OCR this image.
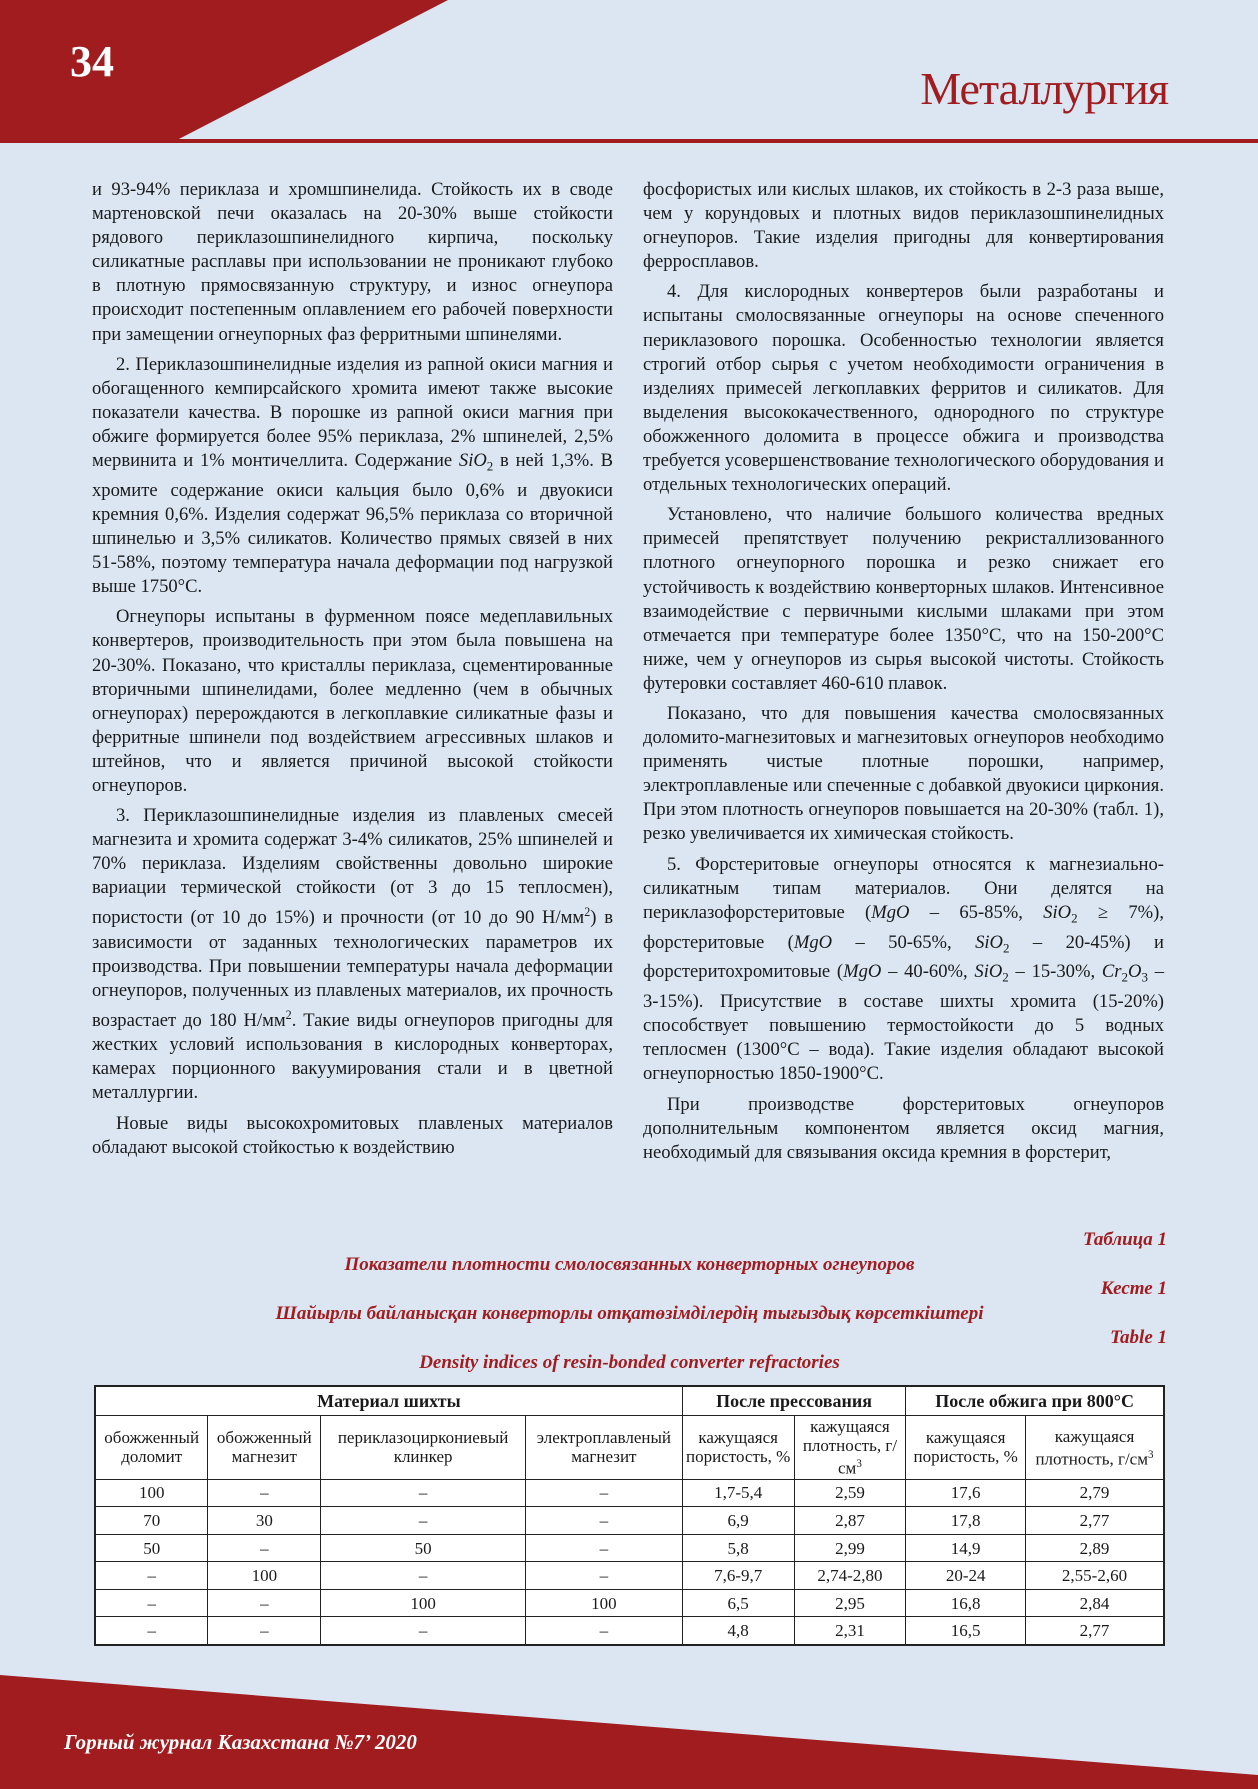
34
Металлургия

и 93-94% периклаза и хромшпинелида. Стойкость их в своде мартеновской печи оказалась на 20-30% выше стойкости рядового периклазошпинелидного кирпича, поскольку силикатные расплавы при использовании не проникают глубоко в плотную прямосвязанную структуру, и износ огнеупора происходит постепенным оплавлением его рабочей поверхности при замещении огнеупорных фаз ферритными шпинелями.

2. Периклазошпинелидные изделия из рапной окиси магния и обогащенного кемпирсайского хромита имеют также высокие показатели качества. В порошке из рапной окиси магния при обжиге формируется более 95% периклаза, 2% шпинелей, 2,5% мервинита и 1% монтичеллита. Содержание SiO$_2$ в ней 1,3%. В хромите содержание окиси кальция было 0,6% и двуокиси кремния 0,6%. Изделия содержат 96,5% периклаза со вторичной шпинелью и 3,5% силикатов. Количество прямых связей в них 51-58%, поэтому температура начала деформации под нагрузкой выше 1750°С.

Огнеупоры испытаны в фурменном поясе медеплавильных конвертеров, производительность при этом была повышена на 20-30%. Показано, что кристаллы периклаза, сцементированные вторичными шпинелидами, более медленно (чем в обычных огнеупорах) перерождаются в легкоплавкие силикатные фазы и ферритные шпинели под воздействием агрессивных шлаков и штейнов, что и является причиной высокой стойкости огнеупоров.

3. Периклазошпинелидные изделия из плавленых смесей магнезита и хромита содержат 3-4% силикатов, 25% шпинелей и 70% периклаза. Изделиям свойственны довольно широкие вариации термической стойкости (от 3 до 15 теплосмен), пористости (от 10 до 15%) и прочности (от 10 до 90 $Н/мм^2$) в зависимости от заданных технологических параметров их производства. При повышении температуры начала деформации огнеупоров, полученных из плавленых материалов, их прочность возрастает до 180 $Н/мм^2$. Такие виды огнеупоров пригодны для жестких условий использования в кислородных конверторах, камерах порционного вакуумирования стали и в цветной металлургии.

Новые виды высокохромитовых плавленых материалов обладают высокой стойкостью к воздействию

фосфористых или кислых шлаков, их стойкость в 2-3 раза выше, чем у корундовых и плотных видов периклазошпинелидных огнеупоров. Такие изделия пригодны для конвертирования ферросплавов.

4. Для кислородных конвертеров были разработаны и испытаны смолосвязанные огнеупоры на основе спеченного периклазового порошка. Особенностью технологии является строгий отбор сырья с учетом необходимости ограничения в изделиях примесей легкоплавких ферритов и силикатов. Для выделения высококачественного, однородного по структуре обожженного доломита в процессе обжига и производства требуется усовершенствование технологического оборудования и отдельных технологических операций.

Установлено, что наличие большого количества вредных примесей препятствует получению рекристаллизованного плотного огнеупорного порошка и резко снижает его устойчивость к воздействию конверторных шлаков. Интенсивное взаимодействие с первичными кислыми шлаками при этом отмечается при температуре более 1350°С, что на 150-200°С ниже, чем у огнеупоров из сырья высокой чистоты. Стойкость футеровки составляет 460-610 плавок.

Показано, что для повышения качества смолосвязанных доломито-магнезитовых и магнезитовых огнеупоров необходимо применять чистые плотные порошки, например, электроплавленые или спеченные с добавкой двуокиси циркония. При этом плотность огнеупоров повышается на 20-30% (табл. 1), резко увеличивается их химическая стойкость.

5. Форстеритовые огнеупоры относятся к магнезиально-силикатным типам материалов. Они делятся на периклазофорстеритовые (MgO – 65-85%, SiO$_2$ ≥ 7%), форстеритовые (MgO – 50-65%, SiO$_2$ – 20-45%) и форстеритохромитовые (MgO – 40-60%, SiO$_2$ – 15-30%, $Cr_2O_3 - 3-15\%$). Присутствие в составе шихты хромита (15-20%) способствует повышению термостойкости до 5 водных теплосмен (1300°С – вода). Такие изделия обладают высокой огнеупорностью 1850-1900°С.

При производстве форстеритовых огнеупоров дополнительным компонентом является оксид магния, необходимый для связывания оксида кремния в форстерит,

Таблица 1
Показатели плотности смолосвязанных конверторных огнеупоров
Кесте 1
Шайырлы байланысқан конверторлы отқатөзімділердің тығыздық көрсеткіштері
Table 1
Density indices of resin-bonded converter refractories
Материал шихты				После прессования		После обжига при 800°С	
обожженный доломит	обожженный магнезит	периклазоциркониевый клинкер	электроплавленый магнезит	кажущаяся пористость, %	кажущаяся плотность, $г/см^3$	кажущаяся пористость, %	кажущаяся плотность, $г/см^3$
100	–	–	–	1,7-5,4	2,59	17,6	2,79
70	30	–	–	6,9	2,87	17,8	2,77
50	–	50	–	5,8	2,99	14,9	2,89
–	100	–	–	7,6-9,7	2,74-2,80	20-24	2,55-2,60
–	–	100	100	6,5	2,95	16,8	2,84
–	–	–	–	4,8	2,31	16,5	2,77
Горный журнал Казахстана №7’ 2020
